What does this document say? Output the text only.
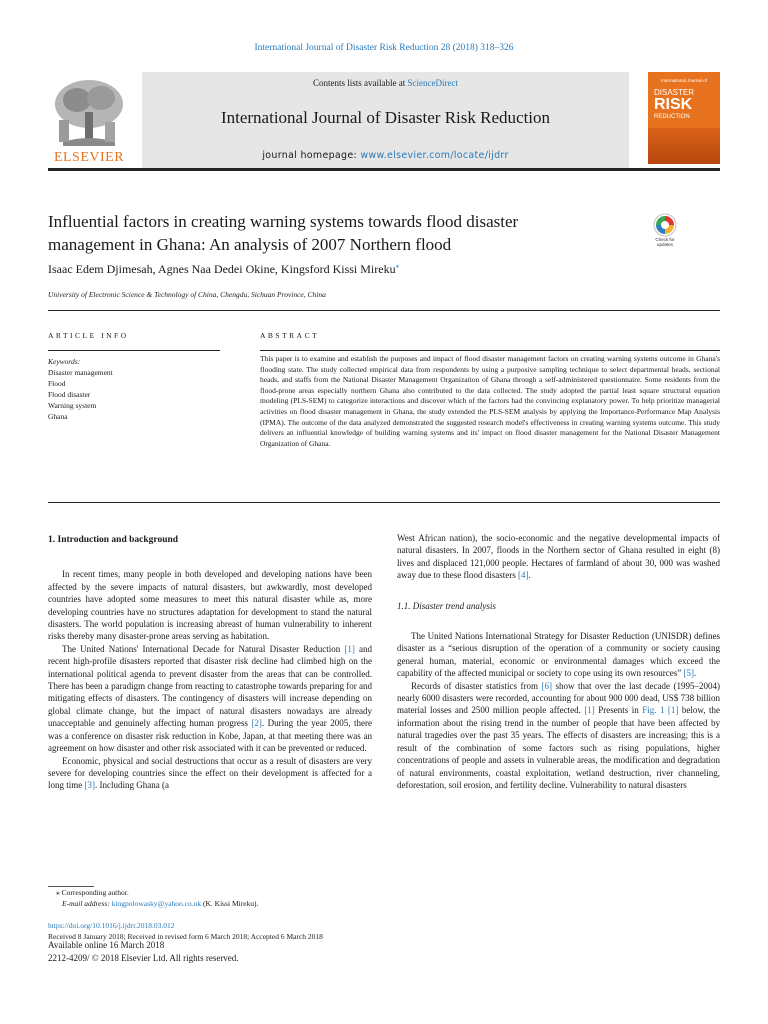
International Journal of Disaster Risk Reduction 28 (2018) 318–326
Contents lists available at ScienceDirect
International Journal of Disaster Risk Reduction
journal homepage: www.elsevier.com/locate/ijdrr
ELSEVIER
International Journal of
DISASTER
RISK
REDUCTION
Influential factors in creating warning systems towards flood disaster management in Ghana: An analysis of 2007 Northern flood	Check for updates
Isaac Edem Djimesah, Agnes Naa Dedei Okine, Kingsford Kissi Mireku⁎
University of Electronic Science & Technology of China, Chengdu, Sichuan Province, China
ARTICLE INFO	ABSTRACT
Keywords:
Disaster management
Flood
Flood disaster
Warning system
Ghana
This paper is to examine and establish the purposes and impact of flood disaster management factors on creating warning systems outcome in Ghana's flooding state. The study collected empirical data from respondents by using a purposive sampling technique to select departmental heads, sectional heads, and staffs from the National Disaster Management Organization of Ghana through a self-administered questionnaire. Some residents from the flood-prone areas especially northern Ghana also contributed to the data collected. The study adopted the partial least square structural equation modeling (PLS-SEM) to categorize interactions and discover which of the factors had the convincing explanatory power. To help prioritize managerial activities on flood disaster management in Ghana, the study extended the PLS-SEM analysis by applying the Importance-Performance Map Analysis (IPMA). The outcome of the data analyzed demonstrated the suggested research model's effectiveness in creating warning systems outcome. This study delivers an influential knowledge of building warning systems and its' impact on flood disaster management for the National Disaster Management Organization of Ghana.
1. Introduction and background

In recent times, many people in both developed and developing nations have been affected by the severe impacts of natural disasters, but awkwardly, most developed countries have adopted some measures to meet this natural disaster while as, more developing countries have no structures adaptation for development to stand the natural disasters. The world population is increasing abreast of human vulnerability to inherent risks thereby many disaster-prone areas serving as habitation.

The United Nations' International Decade for Natural Disaster Reduction [1] and recent high-profile disasters reported that disaster risk decline had climbed high on the international political agenda to prevent disaster from the areas that can be controlled. There has been a paradigm change from reacting to catastrophe towards preparing for and mitigating effects of disasters. The contingency of disasters will increase depending on global climate change, but the impact of natural disasters nowadays are already unacceptable and genuinely affecting human progress [2]. During the year 2005, there was a conference on disaster risk reduction in Kobe, Japan, at that meeting there was an agreement on how disaster and other risk associated with it can be prevented or reduced.

Economic, physical and social destructions that occur as a result of disasters are very severe for developing countries since the effect on their development is affected for a long time [3]. Including Ghana (a

West African nation), the socio-economic and the negative developmental impacts of natural disasters. In 2007, floods in the Northern sector of Ghana resulted in eight (8) lives and displaced 121,000 people. Hectares of farmland of about 30, 000 was washed away due to these flood disasters [4].

1.1. Disaster trend analysis

The United Nations International Strategy for Disaster Reduction (UNISDR) defines disaster as a “serious disruption of the operation of a community or society causing general human, material, economic or environmental damages which exceed the capability of the affected municipal or society to cope using its own resources” [5].

Records of disaster statistics from [6] show that over the last decade (1995–2004) nearly 6000 disasters were recorded, accounting for about 900 000 dead, US$ 738 billion material losses and 2500 million people affected. [1] Presents in Fig. 1 [1] below, the information about the rising trend in the number of people that have been affected by natural tragedies over the past 35 years. The effects of disasters are increasing; this is a result of the combination of some factors such as rising populations, higher concentrations of people and assets in vulnerable areas, the modification and degradation of natural environments, coastal exploitation, wetland destruction, river channeling, deforestation, soil erosion, and fertility decline. Vulnerability to natural disasters

⁎ Corresponding author.
E-mail address: kingpolowasky@yahoo.co.uk (K. Kissi Mireku).
https://doi.org/10.1016/j.ijdrr.2018.03.012
Received 8 January 2018; Received in revised form 6 March 2018; Accepted 6 March 2018
Available online 16 March 2018
2212-4209/ © 2018 Elsevier Ltd. All rights reserved.
